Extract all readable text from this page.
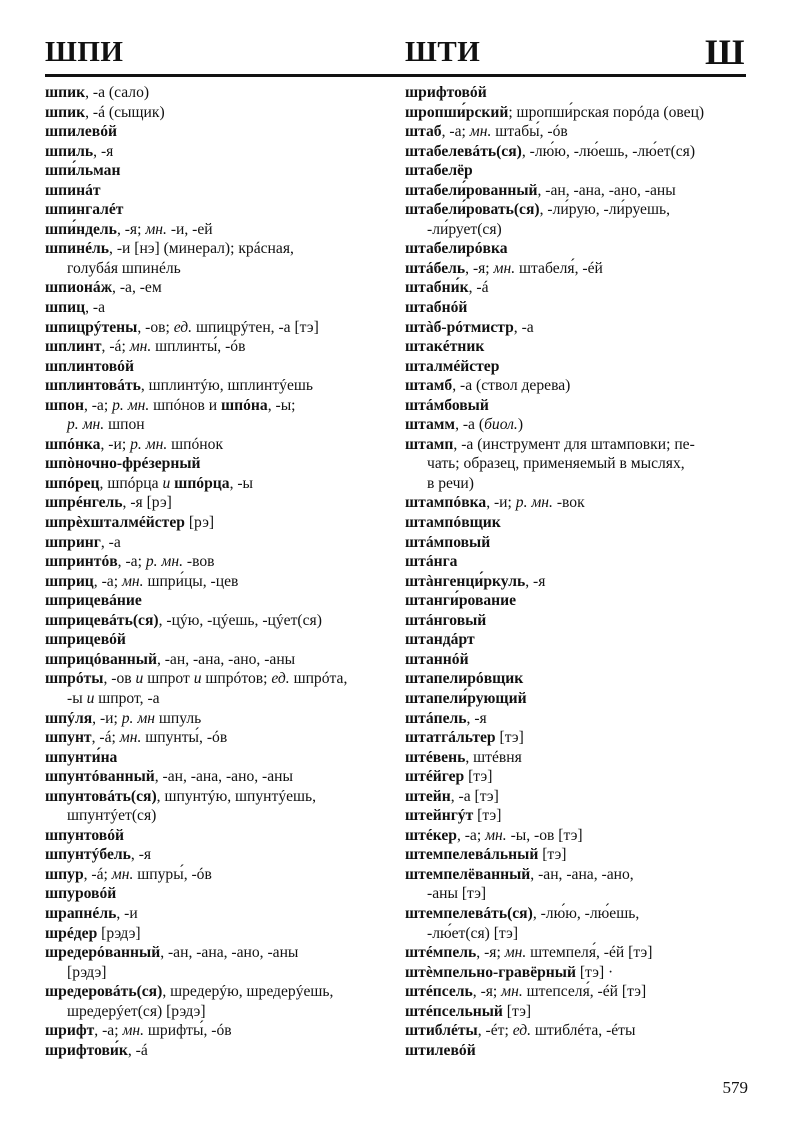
ШПИ	ШТИ	Ш
шпик, -а (сало)
шпик, -á (сыщик)
шпилевóй
шпиль, -я
шпи́льман
шпинáт
шпингалéт
шпи́ндель, -я; мн. -и, -ей
шпинéль, -и [нэ] (минерал); крáсная,
голубáя шпинéль
шпионáж, -а, -ем
шпиц, -а
шпицрýтены, -ов; ед. шпицрýтен, -а [тэ]
шплинт, -á; мн. шплинты́, -óв
шплинтовóй
шплинтовáть, шплинтýю, шплинтýешь
шпон, -а; р. мн. шпóнов и шпóна, -ы;
р. мн. шпон
шпóнка, -и; р. мн. шпóнок
шпòночно-фрéзерный
шпóрец, шпóрца и шпóрца, -ы
шпрéнгель, -я [рэ]
шпрèхшталмéйстер [рэ]
шпринг, -а
шпринтóв, -а; р. мн. -вов
шприц, -а; мн. шпри́цы, -цев
шприцевáние
шприцевáть(ся), -цýю, -цýешь, -цýет(ся)
шприцевóй
шприцóванный, -ан, -ана, -ано, -аны
шпрóты, -ов и шпрот и шпрóтов; ед. шпрóта,
-ы и шпрот, -а
шпýля, -и; р. мн шпуль
шпунт, -á; мн. шпунты́, -óв
шпунти́на
шпунтóванный, -ан, -ана, -ано, -аны
шпунтовáть(ся), шпунтýю, шпунтýешь,
шпунтýет(ся)
шпунтовóй
шпунтýбель, -я
шпур, -á; мн. шпуры́, -óв
шпуровóй
шрапнéль, -и
шрéдер [рэдэ]
шредерóванный, -ан, -ана, -ано, -аны
[рэдэ]
шредеровáть(ся), шредерýю, шредерýешь,
шредерýет(ся) [рэдэ]
шрифт, -а; мн. шрифты́, -óв
шрифтови́к, -á
шрифтовóй
шропши́рский; шропши́рская порóда (овец)
штаб, -а; мн. штабы́, -óв
штабелевáть(ся), -лю́ю, -лю́ешь, -лю́ет(ся)
штабелёр
штабели́рованный, -ан, -ана, -ано, -аны
штабели́ровать(ся), -ли́рую, -ли́руешь,
-ли́рует(ся)
штабелирóвка
штáбель, -я; мн. штабеля́, -éй
штабни́к, -á
штабнóй
штàб-рóтмистр, -а
штакéтник
шталмéйстер
штамб, -а (ствол дерева)
штáмбовый
штамм, -а (биол.)
штамп, -а (инструмент для штамповки; пе-
чать; образец, применяемый в мыслях,
в речи)
штампóвка, -и; р. мн. -вок
штампóвщик
штáмповый
штáнга
штàнгенци́ркуль, -я
штанги́рование
штáнговый
штандáрт
штаннóй
штапелирóвщик
штапели́рующий
штáпель, -я
штатгáльтер [тэ]
штéвень, штéвня
штéйгер [тэ]
штейн, -а [тэ]
штейнгýт [тэ]
штéкер, -а; мн. -ы, -ов [тэ]
штемпелевáльный [тэ]
штемпелёванный, -ан, -ана, -ано,
-аны [тэ]
штемпелевáть(ся), -лю́ю, -лю́ешь,
-лю́ет(ся) [тэ]
штéмпель, -я; мн. штемпеля́, -éй [тэ]
штèмпельно-гравёрный [тэ] ·
штéпсель, -я; мн. штепселя́, -éй [тэ]
штéпсельный [тэ]
штиблéты, -éт; ед. штиблéта, -éты
штилевóй
579
